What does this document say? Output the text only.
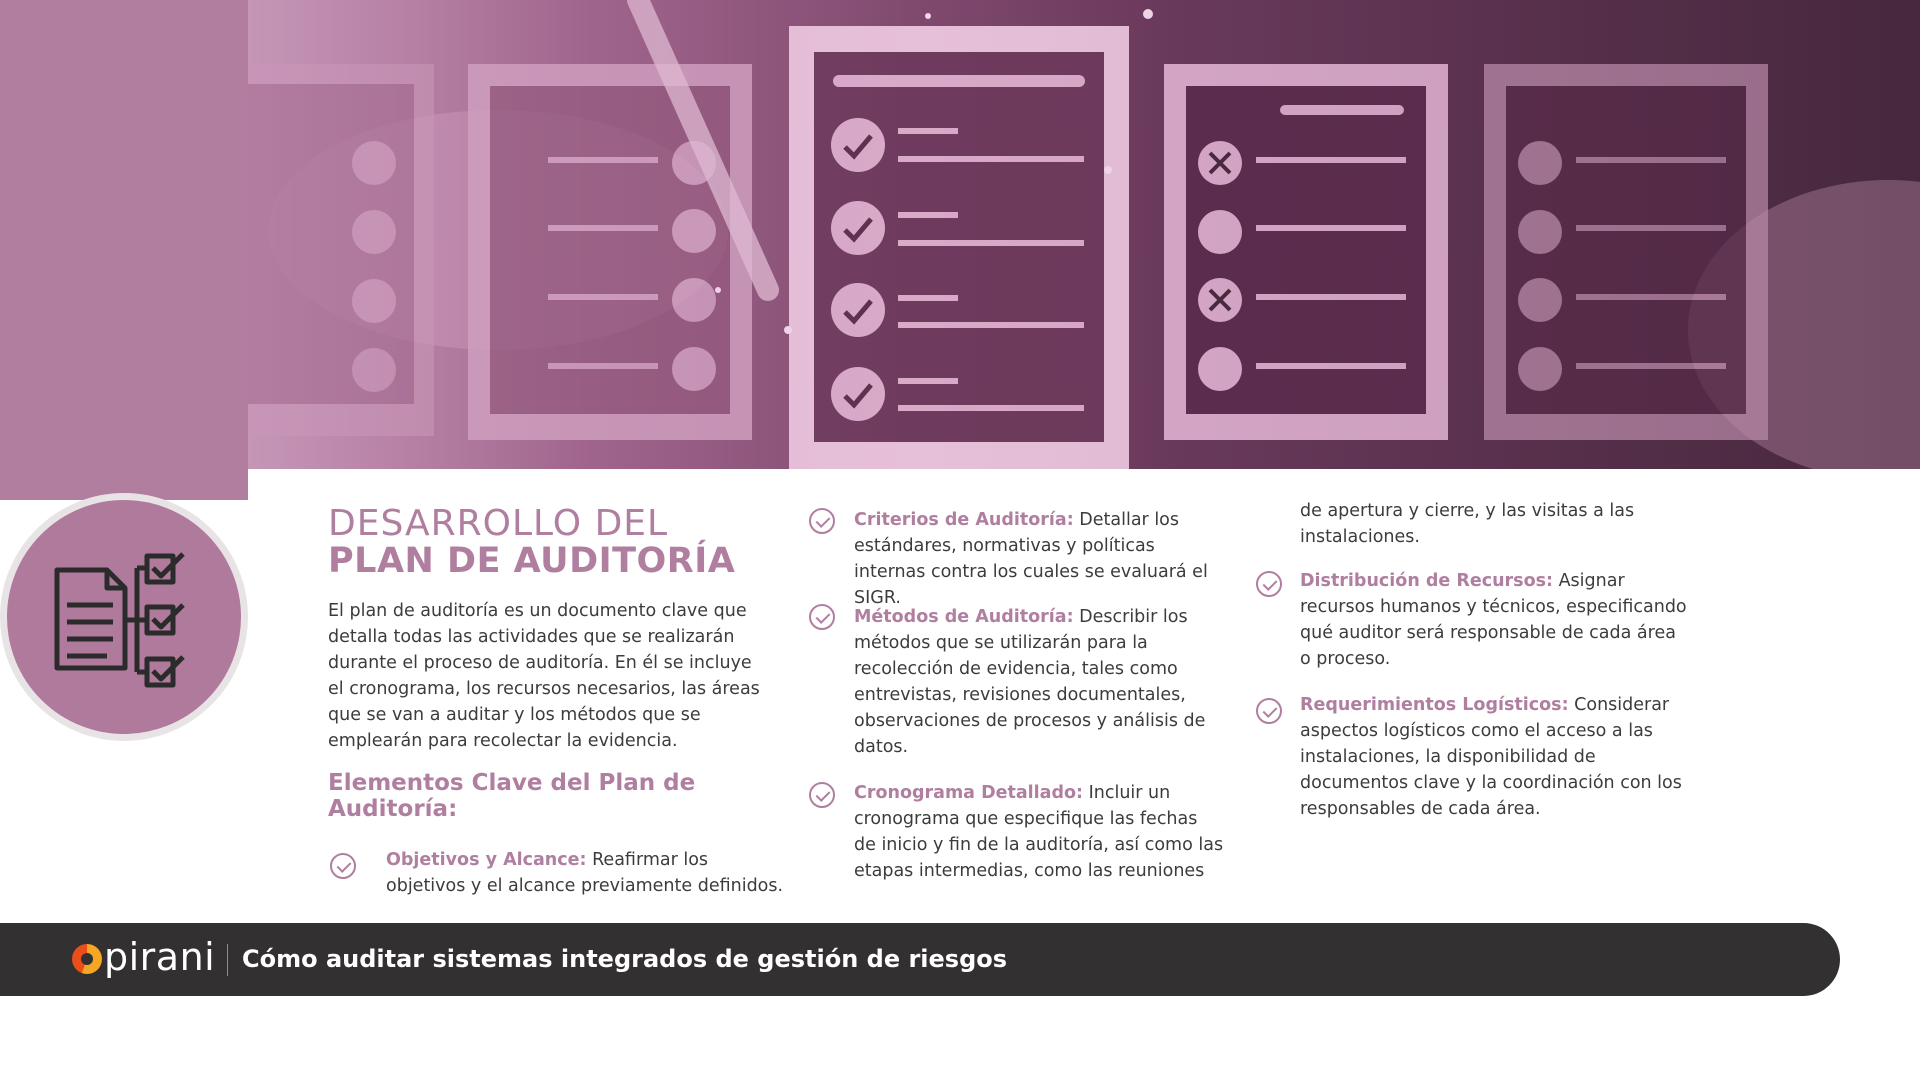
DESARROLLO DEL
PLAN DE AUDITORÍA
El plan de auditoría es un documento clave que detalla todas las actividades que se realizarán durante el proceso de auditoría. En él se incluye el cronograma, los recursos necesarios, las áreas que se van a auditar y los métodos que se emplearán para recolectar la evidencia.
Elementos Clave del Plan de Auditoría:
Objetivos y Alcance: Reafirmar los objetivos y el alcance previamente definidos.
Criterios de Auditoría: Detallar los estándares, normativas y políticas internas contra los cuales se evaluará el SIGR.
Métodos de Auditoría: Describir los métodos que se utilizarán para la recolección de evidencia, tales como entrevistas, revisiones documentales, observaciones de procesos y análisis de datos.
Cronograma Detallado: Incluir un cronograma que especifique las fechas de inicio y fin de la auditoría, así como las etapas intermedias, como las reuniones
de apertura y cierre, y las visitas a las instalaciones.
Distribución de Recursos: Asignar recursos humanos y técnicos, especificando qué auditor será responsable de cada área o proceso.
Requerimientos Logísticos: Considerar aspectos logísticos como el acceso a las instalaciones, la disponibilidad de documentos clave y la coordinación con los responsables de cada área.
pirani Cómo auditar sistemas integrados de gestión de riesgos
